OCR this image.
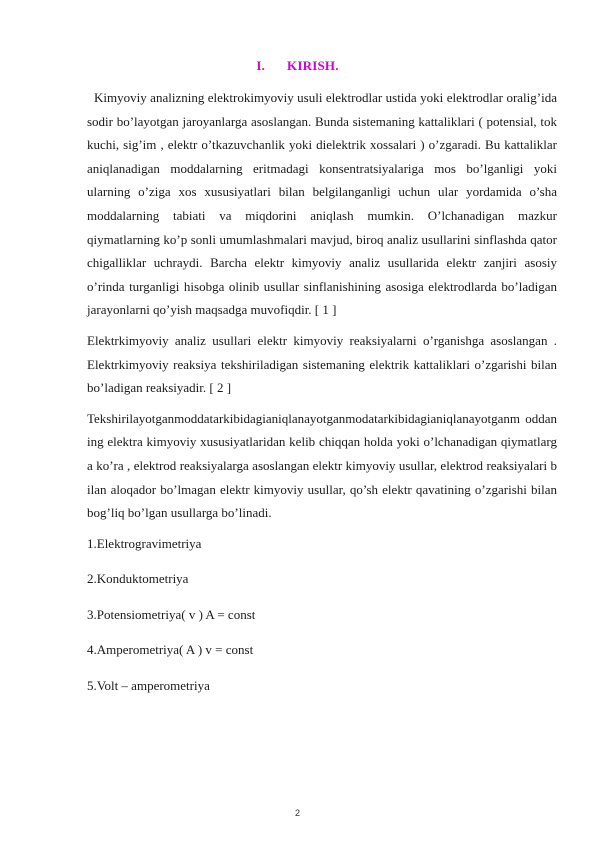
I. KIRISH.

Kimyoviy analizning elektrokimyoviy usuli elektrodlar ustida yoki elektrodlar oralig’ida sodir bo’layotgan jaroyanlarga asoslangan. Bunda sistemaning kattaliklari ( potensial, tok kuchi, sig’im , elektr o’tkazuvchanlik yoki dielektrik xossalari ) o’zgaradi. Bu kattaliklar aniqlanadigan moddalarning eritmadagi konsentratsiyalariga mos bo’lganligi yoki ularning o’ziga xos xususiyatlari bilan belgilanganligi uchun ular yordamida o’sha moddalarning tabiati va miqdorini aniqlash mumkin. O’lchanadigan mazkur qiymatlarning ko’p sonli umumlashmalari mavjud, biroq analiz usullarini sinflashda qator chigalliklar uchraydi. Barcha elektr kimyoviy analiz usullarida elektr zanjiri asosiy o’rinda turganligi hisobga olinib usullar sinflanishining asosiga elektrodlarda bo’ladigan jarayonlarni qo’yish maqsadga muvofiqdir. [ 1 ]

Elektrkimyoviy analiz usullari elektr kimyoviy reaksiyalarni o’rganishga asoslangan . Elektrkimyoviy reaksiya tekshiriladigan sistemaning elektrik kattaliklari o’zgarishi bilan bo’ladigan reaksiyadir. [ 2 ]

Tekshirilayotganmoddatarkibidagianiqlanayotganmodatarkibidagianiqlanayotganm oddaning elektra kimyoviy xususiyatlaridan kelib chiqqan holda yoki o’lchanadigan qiymatlarga ko’ra , elektrod reaksiyalarga asoslangan elektr kimyoviy usullar, elektrod reaksiyalari bilan aloqador bo’lmagan elektr kimyoviy usullar, qo’sh elektr qavatining o’zgarishi bilan bog’liq bo’lgan usullarga bo’linadi.

1.Elektrogravimetriya
2.Konduktometriya
3.Potensiometriya( v ) A = const
4.Amperometriya( A ) v = const
5.Volt – amperometriya
2
